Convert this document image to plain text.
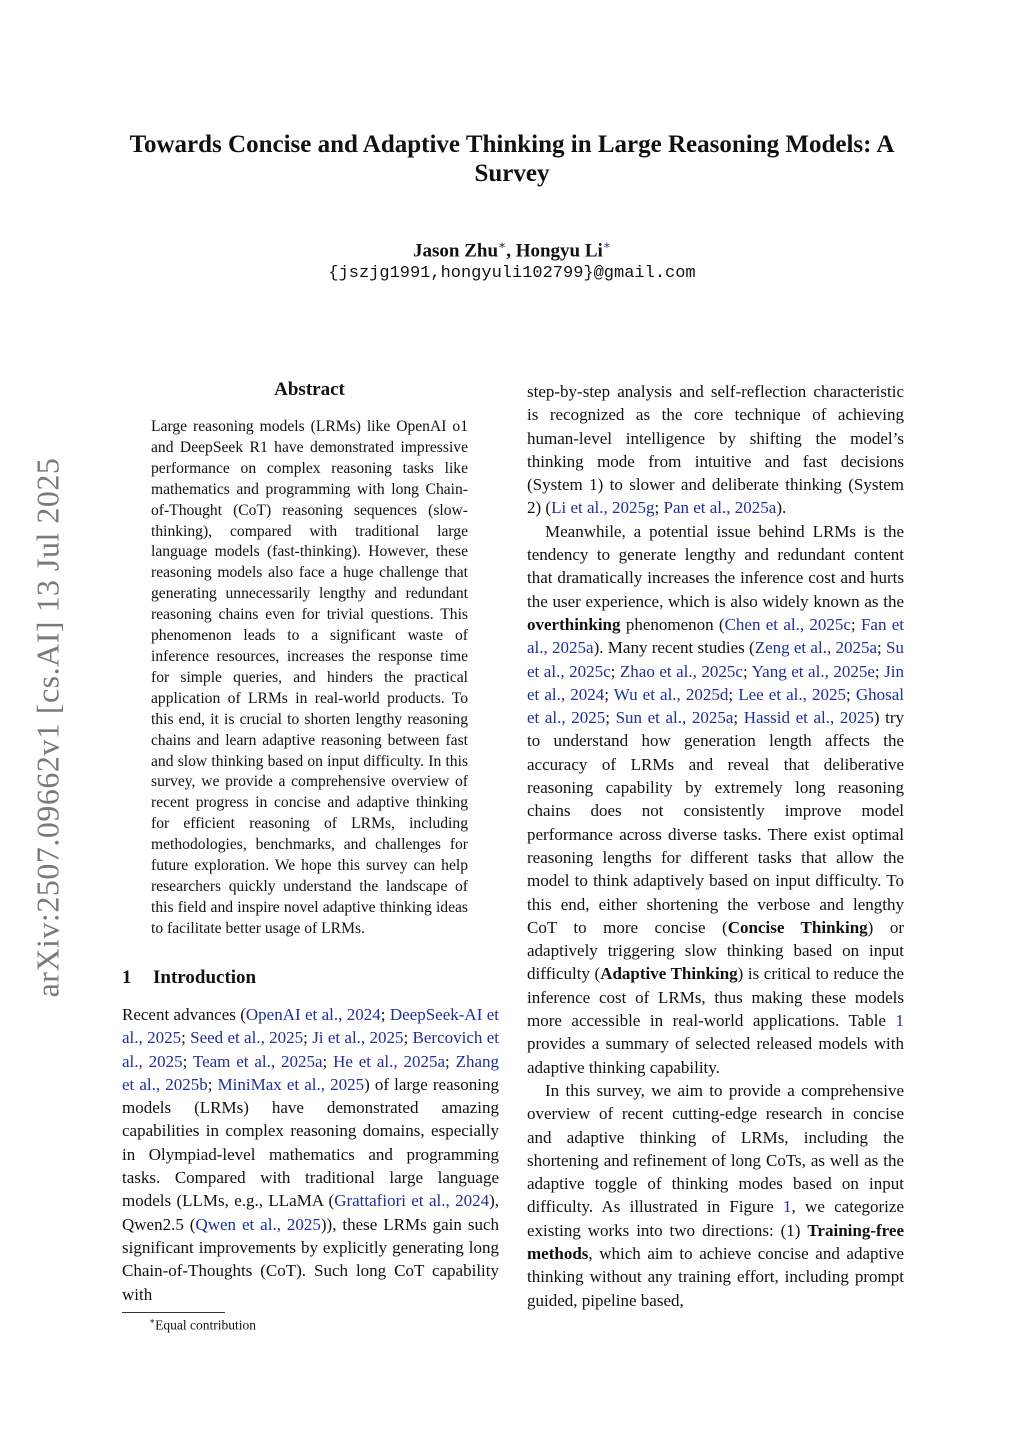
arXiv:2507.09662v1 [cs.AI] 13 Jul 2025
Towards Concise and Adaptive Thinking in Large Reasoning Models: A Survey
Jason Zhu∗, Hongyu Li∗
{jszjg1991,hongyuli102799}@gmail.com
Abstract

Large reasoning models (LRMs) like OpenAI o1 and DeepSeek R1 have demonstrated impressive performance on complex reasoning tasks like mathematics and programming with long Chain-of-Thought (CoT) reasoning sequences (slow-thinking), compared with traditional large language models (fast-thinking). However, these reasoning models also face a huge challenge that generating unnecessarily lengthy and redundant reasoning chains even for trivial questions. This phenomenon leads to a significant waste of inference resources, increases the response time for simple queries, and hinders the practical application of LRMs in real-world products. To this end, it is crucial to shorten lengthy reasoning chains and learn adaptive reasoning between fast and slow thinking based on input difficulty. In this survey, we provide a comprehensive overview of recent progress in concise and adaptive thinking for efficient reasoning of LRMs, including methodologies, benchmarks, and challenges for future exploration. We hope this survey can help researchers quickly understand the landscape of this field and inspire novel adaptive thinking ideas to facilitate better usage of LRMs.

1 Introduction

Recent advances (OpenAI et al., 2024; DeepSeek-AI et al., 2025; Seed et al., 2025; Ji et al., 2025; Bercovich et al., 2025; Team et al., 2025a; He et al., 2025a; Zhang et al., 2025b; MiniMax et al., 2025) of large reasoning models (LRMs) have demonstrated amazing capabilities in complex reasoning domains, especially in Olympiad-level mathematics and programming tasks. Compared with traditional large language models (LLMs, e.g., LLaMA (Grattafiori et al., 2024), Qwen2.5 (Qwen et al., 2025)), these LRMs gain such significant improvements by explicitly generating long Chain-of-Thoughts (CoT). Such long CoT capability with

step-by-step analysis and self-reflection characteristic is recognized as the core technique of achieving human-level intelligence by shifting the model’s thinking mode from intuitive and fast decisions (System 1) to slower and deliberate thinking (System 2) (Li et al., 2025g; Pan et al., 2025a).

Meanwhile, a potential issue behind LRMs is the tendency to generate lengthy and redundant content that dramatically increases the inference cost and hurts the user experience, which is also widely known as the overthinking phenomenon (Chen et al., 2025c; Fan et al., 2025a). Many recent studies (Zeng et al., 2025a; Su et al., 2025c; Zhao et al., 2025c; Yang et al., 2025e; Jin et al., 2024; Wu et al., 2025d; Lee et al., 2025; Ghosal et al., 2025; Sun et al., 2025a; Hassid et al., 2025) try to understand how generation length affects the accuracy of LRMs and reveal that deliberative reasoning capability by extremely long reasoning chains does not consistently improve model performance across diverse tasks. There exist optimal reasoning lengths for different tasks that allow the model to think adaptively based on input difficulty. To this end, either shortening the verbose and lengthy CoT to more concise (Concise Thinking) or adaptively triggering slow thinking based on input difficulty (Adaptive Thinking) is critical to reduce the inference cost of LRMs, thus making these models more accessible in real-world applications. Table 1 provides a summary of selected released models with adaptive thinking capability.

In this survey, we aim to provide a comprehensive overview of recent cutting-edge research in concise and adaptive thinking of LRMs, including the shortening and refinement of long CoTs, as well as the adaptive toggle of thinking modes based on input difficulty. As illustrated in Figure 1, we categorize existing works into two directions: (1) Training-free methods, which aim to achieve concise and adaptive thinking without any training effort, including prompt guided, pipeline based,

∗Equal contribution
